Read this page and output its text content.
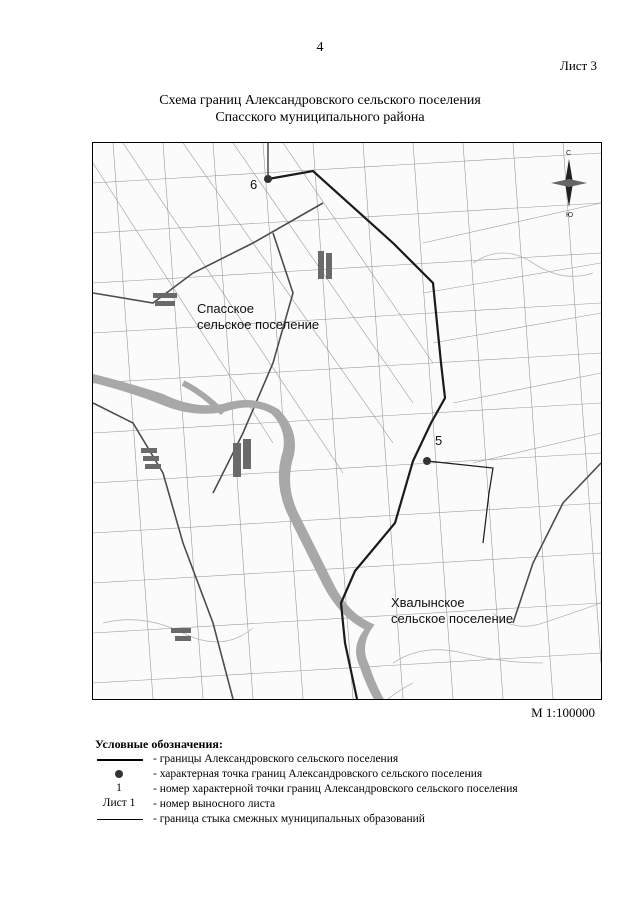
4
Лист 3
Схема границ Александровского сельского поселения
Спасского муниципального района
6
5
Спасское
сельское поселение
Хвалынское
сельское поселение
С
Ю
М 1:100000
Условные обозначения:
- границы Александровского сельского поселения
- характерная точка границ Александровского сельского поселения
1	- номер характерной точки границ Александровского сельского поселения
Лист 1	- номер выносного листа
- граница стыка смежных муниципальных образований
